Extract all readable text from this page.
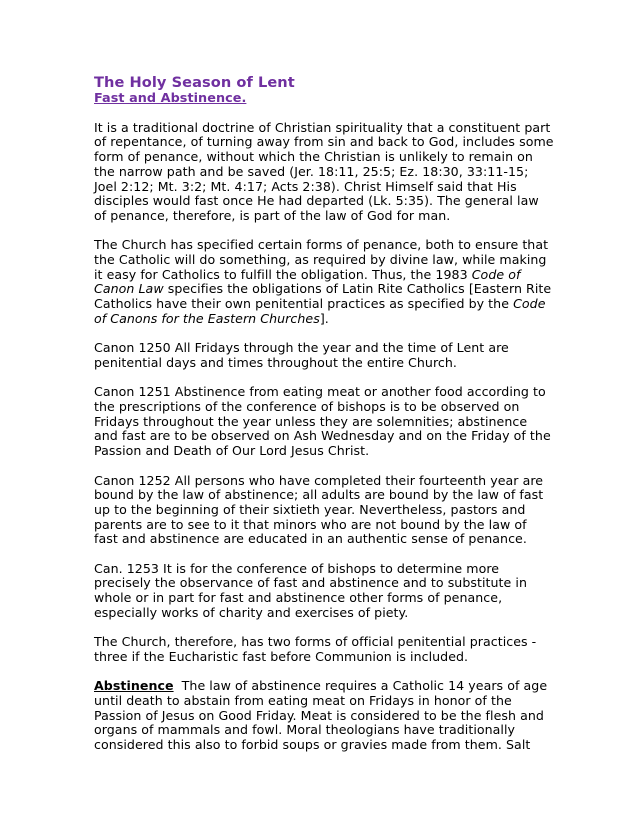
The Holy Season of Lent
Fast and Abstinence.

It is a traditional doctrine of Christian spirituality that a constituent part of repentance, of turning away from sin and back to God, includes some form of penance, without which the Christian is unlikely to remain on the narrow path and be saved (Jer. 18:11, 25:5; Ez. 18:30, 33:11-15; Joel 2:12; Mt. 3:2; Mt. 4:17; Acts 2:38). Christ Himself said that His disciples would fast once He had departed (Lk. 5:35). The general law of penance, therefore, is part of the law of God for man.

The Church has specified certain forms of penance, both to ensure that the Catholic will do something, as required by divine law, while making it easy for Catholics to fulfill the obligation. Thus, the 1983 Code of Canon Law specifies the obligations of Latin Rite Catholics [Eastern Rite Catholics have their own penitential practices as specified by the Code of Canons for the Eastern Churches].

Canon 1250 All Fridays through the year and the time of Lent are penitential days and times throughout the entire Church.

Canon 1251 Abstinence from eating meat or another food according to the prescriptions of the conference of bishops is to be observed on Fridays throughout the year unless they are solemnities; abstinence and fast are to be observed on Ash Wednesday and on the Friday of the Passion and Death of Our Lord Jesus Christ.

Canon 1252 All persons who have completed their fourteenth year are bound by the law of abstinence; all adults are bound by the law of fast up to the beginning of their sixtieth year. Nevertheless, pastors and parents are to see to it that minors who are not bound by the law of fast and abstinence are educated in an authentic sense of penance.

Can. 1253 It is for the conference of bishops to determine more precisely the observance of fast and abstinence and to substitute in whole or in part for fast and abstinence other forms of penance, especially works of charity and exercises of piety.

The Church, therefore, has two forms of official penitential practices - three if the Eucharistic fast before Communion is included.

Abstinence  The law of abstinence requires a Catholic 14 years of age until death to abstain from eating meat on Fridays in honor of the Passion of Jesus on Good Friday. Meat is considered to be the flesh and organs of mammals and fowl. Moral theologians have traditionally considered this also to forbid soups or gravies made from them. Salt
